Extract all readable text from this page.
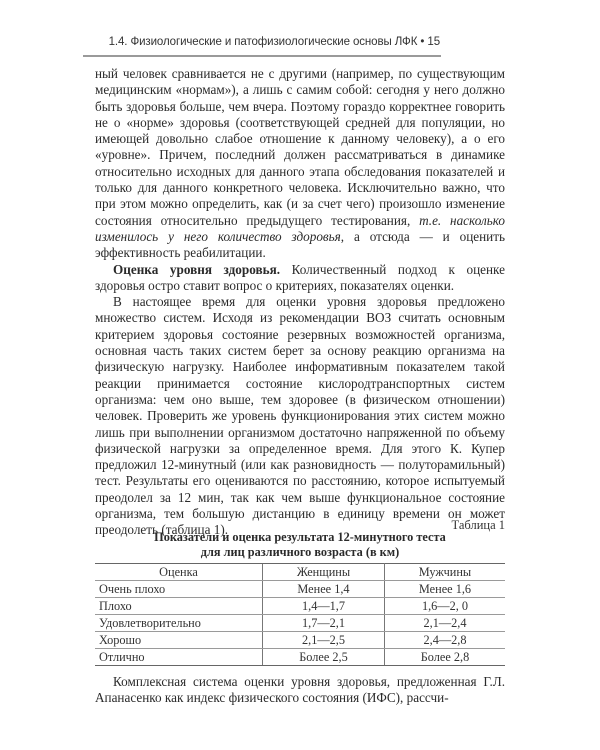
1.4. Физиологические и патофизиологические основы ЛФК • 15

ный человек сравнивается не с другими (например, по существующим медицинским «нормам»), а лишь с самим собой: сегодня у него должно быть здоровья больше, чем вчера. Поэтому гораздо корректнее говорить не о «норме» здоровья (соответствующей средней для популяции, но имеющей довольно слабое отношение к данному человеку), а о его «уровне». Причем, последний должен рассматриваться в динамике относительно исходных для данного этапа обследования показателей и только для данного конкретного человека. Исключительно важно, что при этом можно определить, как (и за счет чего) произошло изменение состояния относительно предыдущего тестирования, т.е. насколько изменилось у него количество здоровья, а отсюда — и оценить эффективность реабилитации.

Оценка уровня здоровья. Количественный подход к оценке здоровья остро ставит вопрос о критериях, показателях оценки.

В настоящее время для оценки уровня здоровья предложено множество систем. Исходя из рекомендации ВОЗ считать основным критерием здоровья состояние резервных возможностей организма, основная часть таких систем берет за основу реакцию организма на физическую нагрузку. Наиболее информативным показателем такой реакции принимается состояние кислородтранспортных систем организма: чем оно выше, тем здоровее (в физическом отношении) человек. Проверить же уровень функционирования этих систем можно лишь при выполнении организмом достаточно напряженной по объему физической нагрузки за определенное время. Для этого К. Купер предложил 12-минутный (или как разновидность — полуторамильный) тест. Результаты его оцениваются по расстоянию, которое испытуемый преодолел за 12 мин, так как чем выше функциональное состояние организма, тем большую дистанцию в единицу времени он может преодолеть (таблица 1).	Таблица 1
Показатели и оценка результата 12-минутного теста
для лиц различного возраста (в км)
Оценка	Женщины	Мужчины
Очень плохо	Менее 1,4	Менее 1,6
Плохо	1,4—1,7	1,6—2, 0
Удовлетворительно	1,7—2,1	2,1—2,4
Хорошо	2,1—2,5	2,4—2,8
Отлично	Более 2,5	Более 2,8

Комплексная система оценки уровня здоровья, предложенная Г.Л. Апанасенко как индекс физического состояния (ИФС), рассчи-
